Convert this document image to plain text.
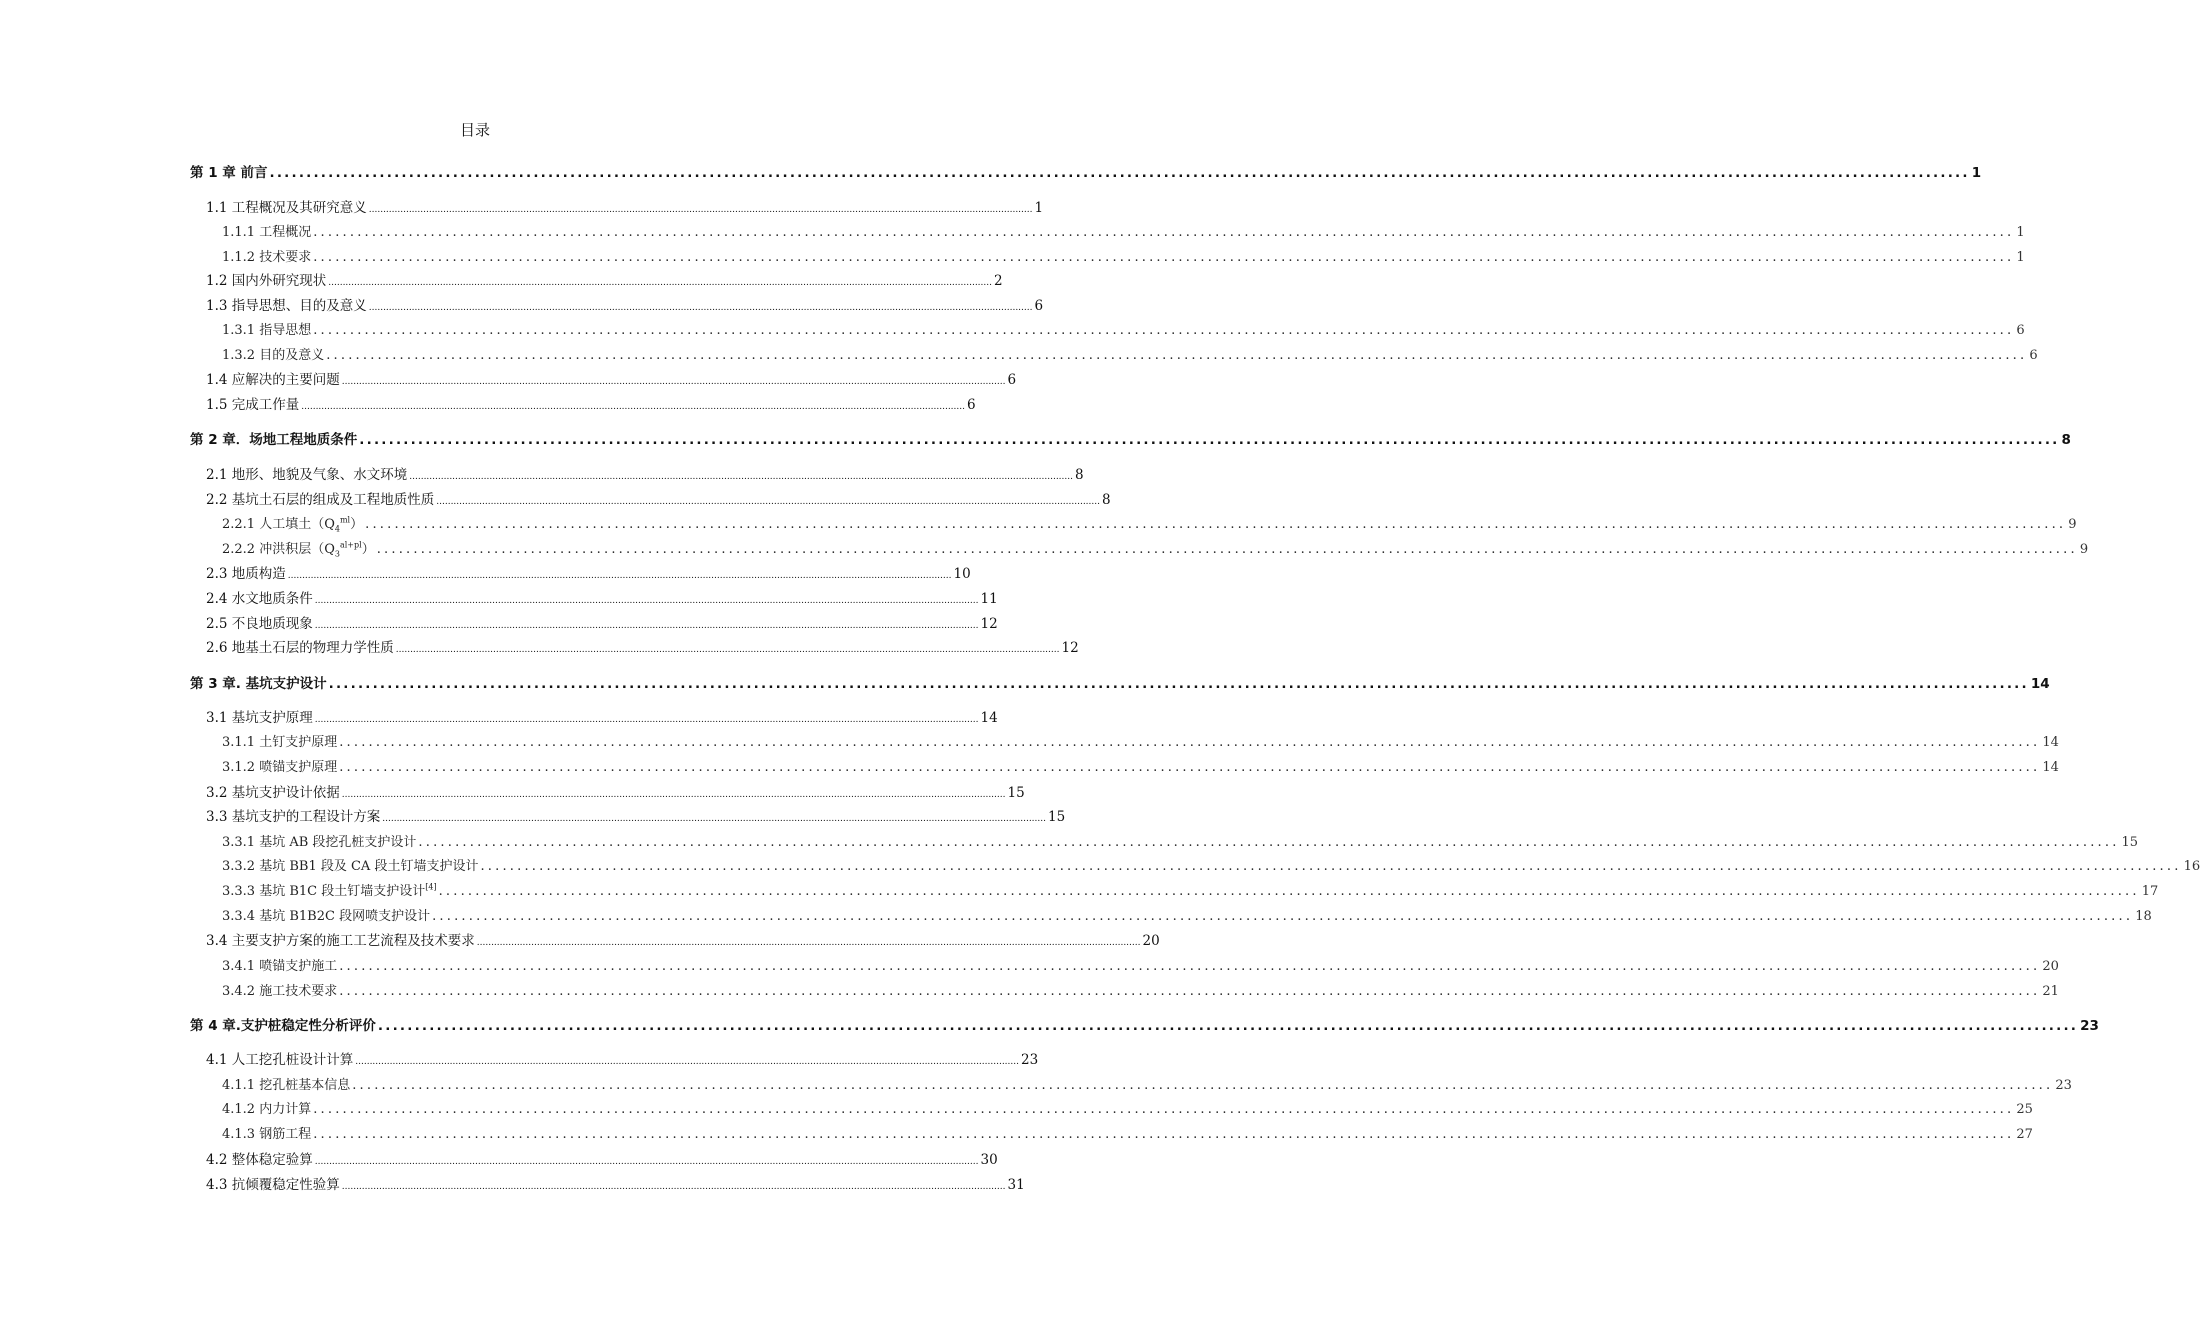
目录
第 1 章 前言 ........................................................................................................................................................................................................................................ 1
1.1 工程概况及其研究意义 ........................................................................................................................................................................................................................................ 1
1.1.1 工程概况 ........................................................................................................................................................................................................................................ 1
1.1.2 技术要求 ........................................................................................................................................................................................................................................ 1
1.2 国内外研究现状 ........................................................................................................................................................................................................................................ 2
1.3 指导思想、目的及意义 ........................................................................................................................................................................................................................................ 6
1.3.1 指导思想 ........................................................................................................................................................................................................................................ 6
1.3.2 目的及意义 ........................................................................................................................................................................................................................................ 6
1.4 应解决的主要问题 ........................................................................................................................................................................................................................................ 6
1.5 完成工作量 ........................................................................................................................................................................................................................................ 6
第 2 章．场地工程地质条件 ........................................................................................................................................................................................................................................ 8
2.1 地形、地貌及气象、水文环境 ........................................................................................................................................................................................................................................ 8
2.2 基坑土石层的组成及工程地质性质 ........................................................................................................................................................................................................................................ 8
2.2.1 人工填土$(Q_4^{ml})$ ........................................................................................................................................................................................................................................ 9
2.2.2 冲洪积层$(Q_3^{al+pl})$ ........................................................................................................................................................................................................................................ 9
2.3 地质构造 ........................................................................................................................................................................................................................................ 10
2.4 水文地质条件 ........................................................................................................................................................................................................................................ 11
2.5 不良地质现象 ........................................................................................................................................................................................................................................ 12
2.6 地基土石层的物理力学性质 ........................................................................................................................................................................................................................................ 12
第 3 章. 基坑支护设计 ........................................................................................................................................................................................................................................ 14
3.1 基坑支护原理 ........................................................................................................................................................................................................................................ 14
3.1.1 土钉支护原理 ........................................................................................................................................................................................................................................ 14
3.1.2 喷锚支护原理 ........................................................................................................................................................................................................................................ 14
3.2 基坑支护设计依据 ........................................................................................................................................................................................................................................ 15
3.3 基坑支护的工程设计方案 ........................................................................................................................................................................................................................................ 15
3.3.1 基坑 AB 段挖孔桩支护设计 ........................................................................................................................................................................................................................................ 15
3.3.2 基坑 BB1 段及 CA 段土钉墙支护设计 ........................................................................................................................................................................................................................................ 16
3.3.3 基坑 B1C 段土钉墙支护设计[4] ........................................................................................................................................................................................................................................ 17
3.3.4 基坑 B1B2C 段网喷支护设计 ........................................................................................................................................................................................................................................ 18
3.4 主要支护方案的施工工艺流程及技术要求 ........................................................................................................................................................................................................................................ 20
3.4.1 喷锚支护施工 ........................................................................................................................................................................................................................................ 20
3.4.2 施工技术要求 ........................................................................................................................................................................................................................................ 21
第 4 章.支护桩稳定性分析评价 ........................................................................................................................................................................................................................................ 23
4.1 人工挖孔桩设计计算 ........................................................................................................................................................................................................................................ 23
4.1.1 挖孔桩基本信息 ........................................................................................................................................................................................................................................ 23
4.1.2 内力计算 ........................................................................................................................................................................................................................................ 25
4.1.3 钢筋工程 ........................................................................................................................................................................................................................................ 27
4.2 整体稳定验算 ........................................................................................................................................................................................................................................ 30
4.3 抗倾覆稳定性验算 ........................................................................................................................................................................................................................................ 31
